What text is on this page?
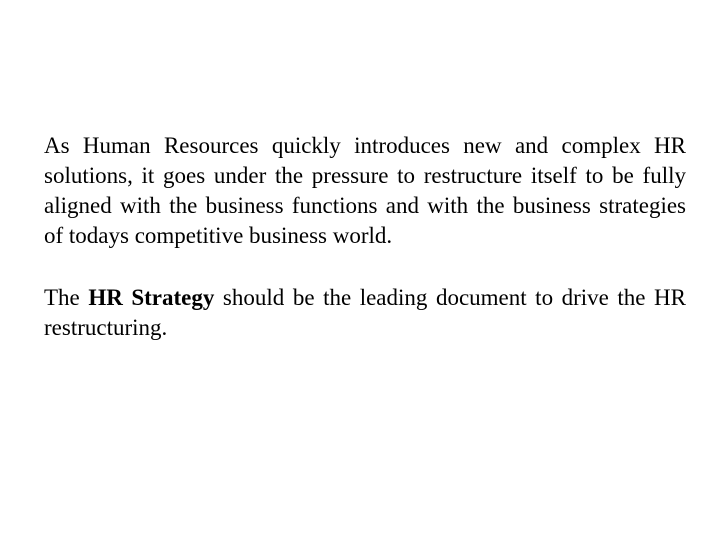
As Human Resources quickly introduces new and complex HR solutions, it goes under the pressure to restructure itself to be fully aligned with the business functions and with the business strategies of todays competitive business world.

The HR Strategy should be the leading document to drive the HR restructuring.
